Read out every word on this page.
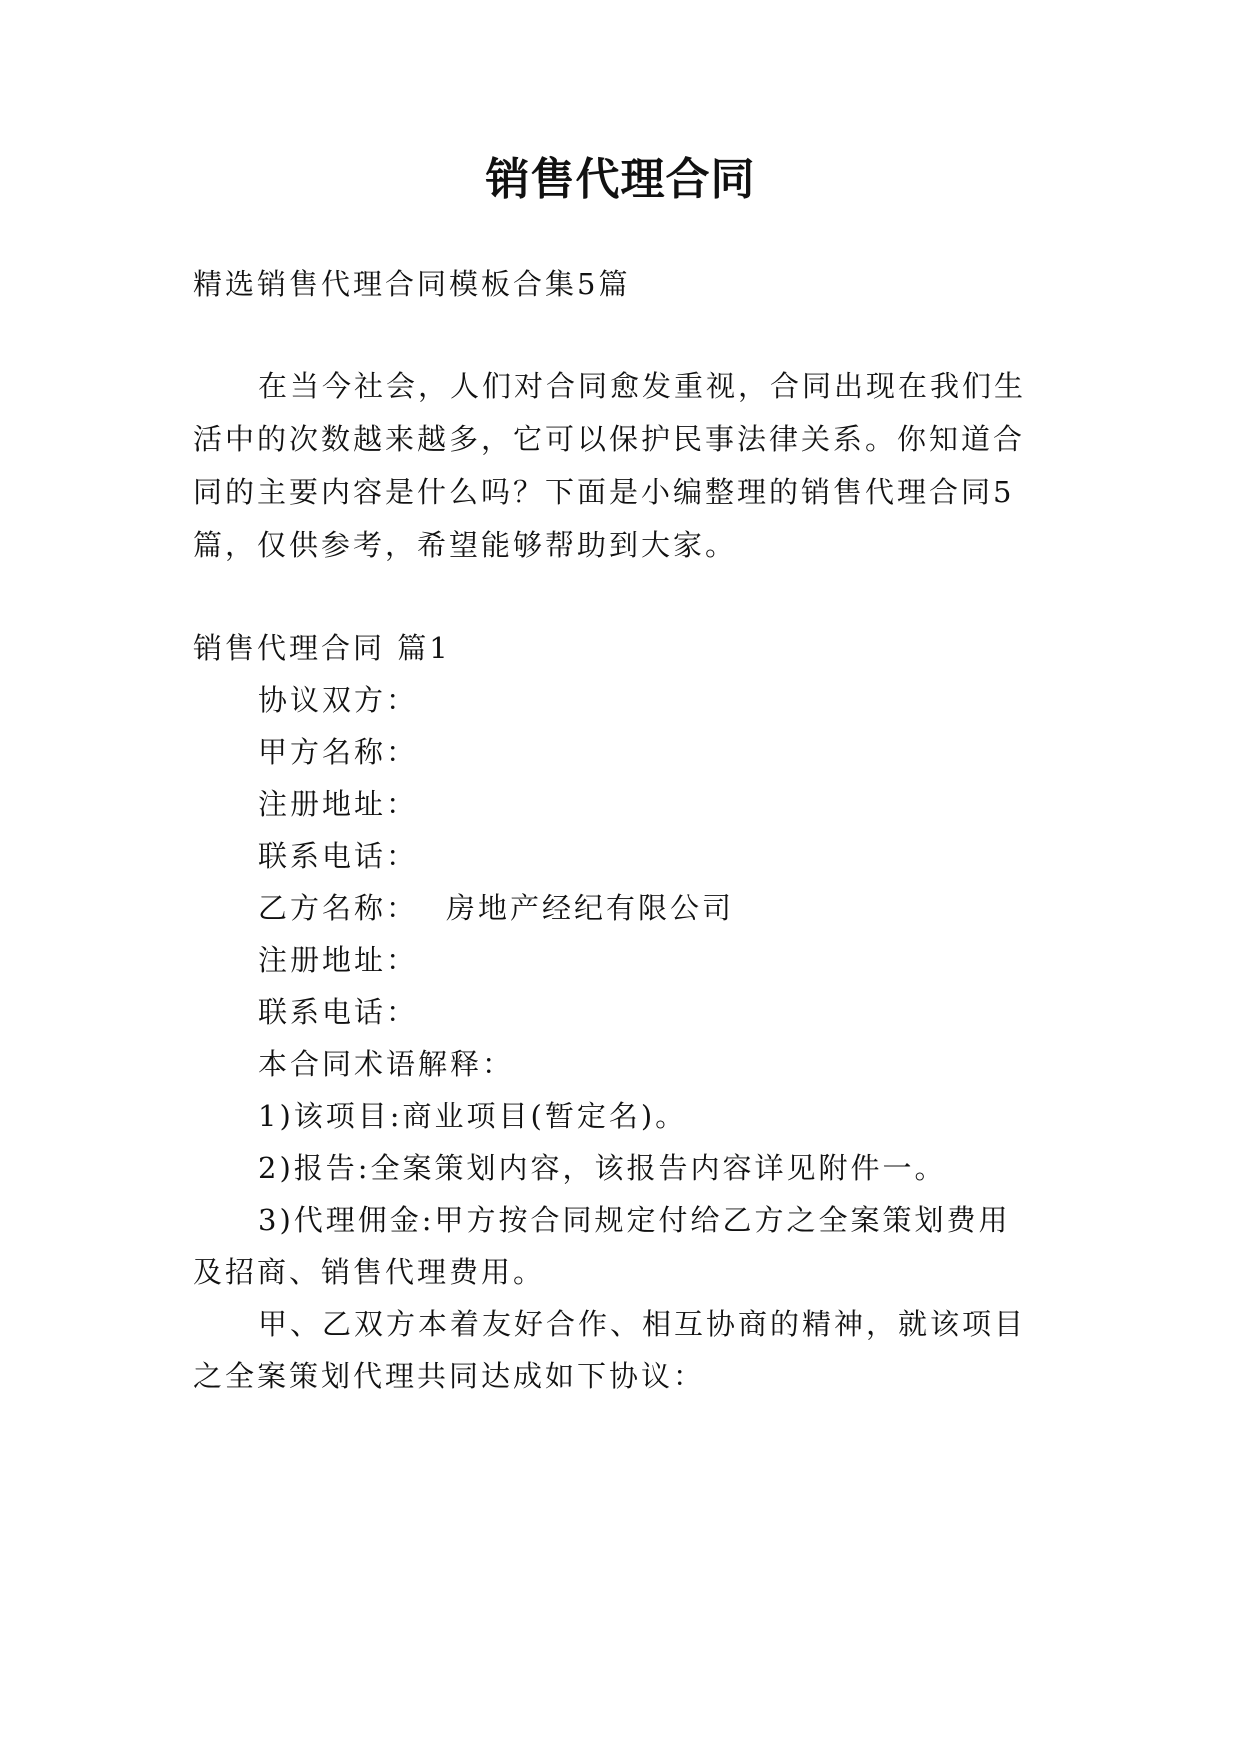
销售代理合同

精选销售代理合同模板合集5篇

在当今社会，人们对合同愈发重视，合同出现在我们生

活中的次数越来越多，它可以保护民事法律关系。你知道合

同的主要内容是什么吗？下面是小编整理的销售代理合同5

篇，仅供参考，希望能够帮助到大家。

销售代理合同 篇1

协议双方：

甲方名称：

注册地址：

联系电话：

乙方名称： 房地产经纪有限公司

注册地址：

联系电话：

本合同术语解释：

1)该项目:商业项目(暂定名)。

2)报告:全案策划内容，该报告内容详见附件一。

3)代理佣金:甲方按合同规定付给乙方之全案策划费用

及招商、销售代理费用。

甲、乙双方本着友好合作、相互协商的精神，就该项目

之全案策划代理共同达成如下协议：
